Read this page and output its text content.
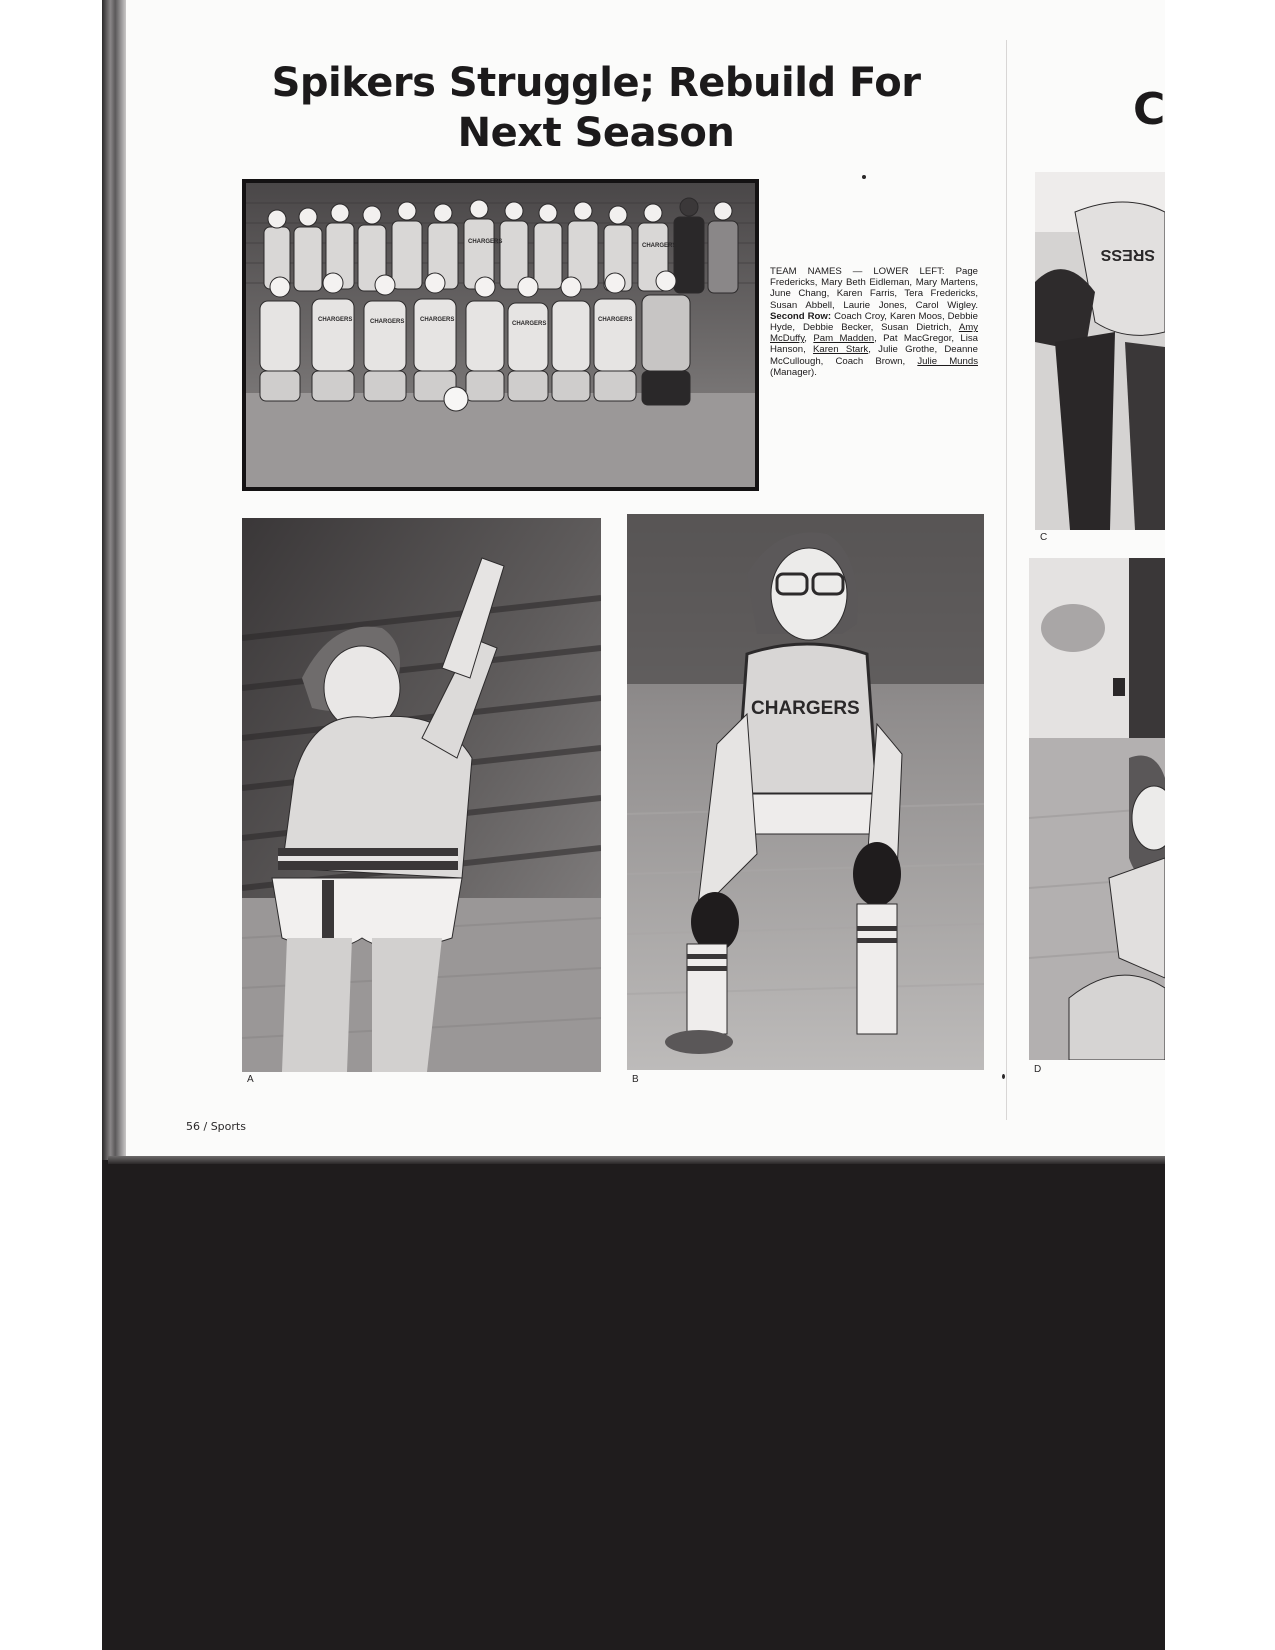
Spikers Struggle; Rebuild For Next Season	C
CHARGERS	CHARGERS	CHARGERS
CHARGERS
CHARGERS
CHARGERS
CHARGERS

TEAM NAMES — LOWER LEFT: Page Fredericks, Mary Beth Eidleman, Mary Martens, June Chang, Karen Farris, Tera Fredericks, Susan Abbell, Laurie Jones, Carol Wigley. Second Row: Coach Croy, Karen Moos, Debbie Hyde, Debbie Becker, Susan Dietrich, Amy McDuffy, Pam Madden, Pat MacGregor, Lisa Hanson, Karen Stark, Julie Grothe, Deanne McCullough, Coach Brown, Julie Munds (Manager).

A
CHARGERS
B
SRESS
C
D
56 / Sports
